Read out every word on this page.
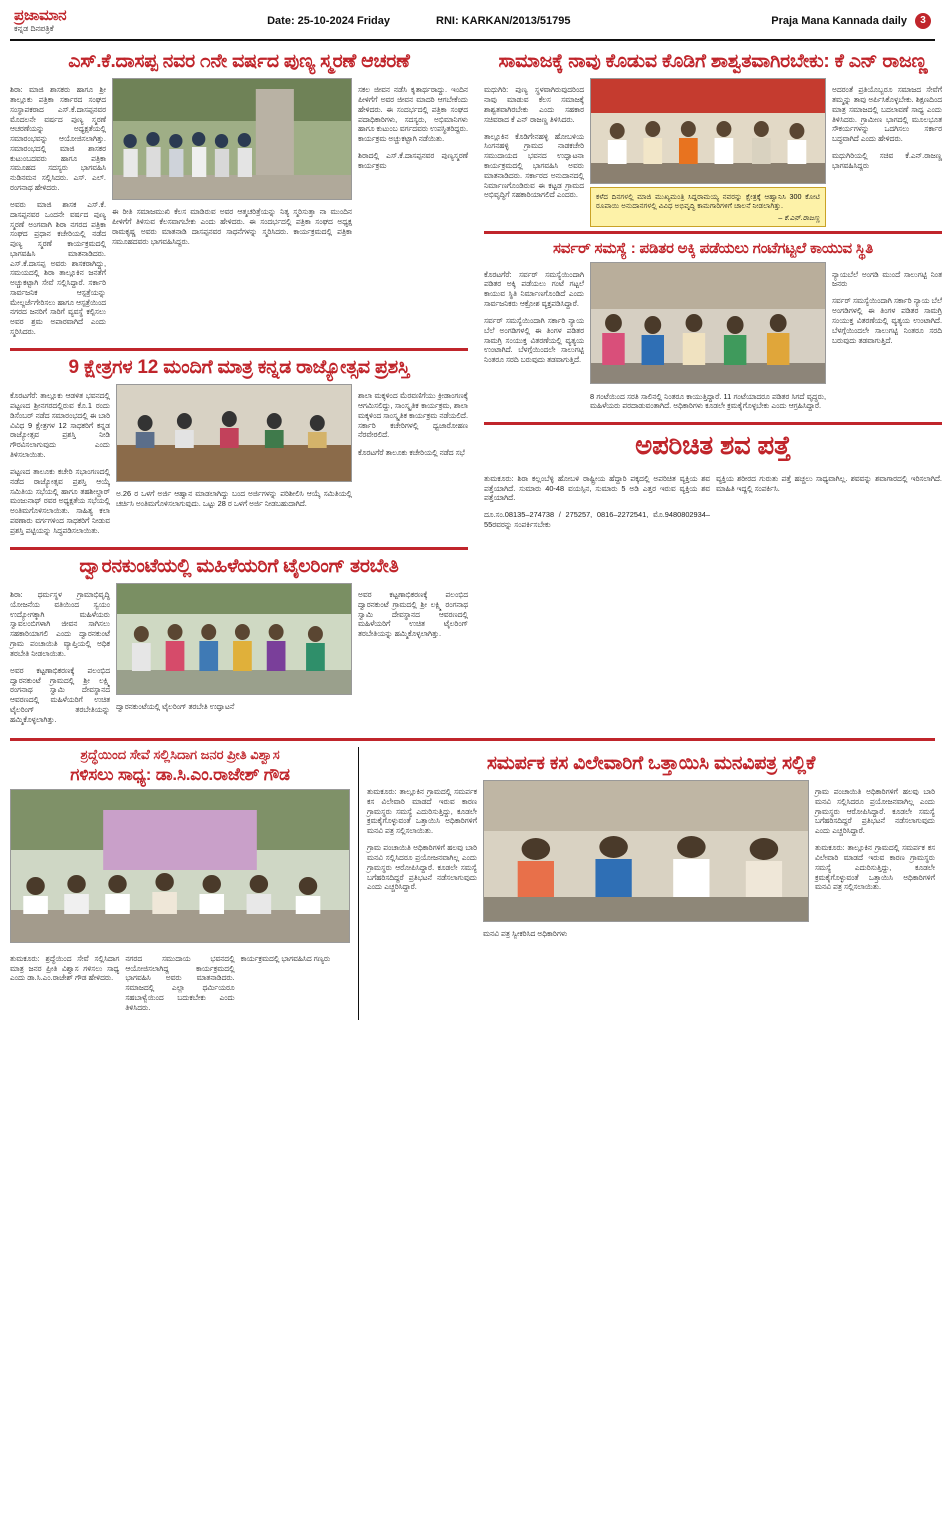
ಪ್ರಜಾಮಾನ
ಕನ್ನಡ ದಿನಪತ್ರಿಕೆ
Date: 25-10-2024 Friday	RNI: KARKAN/2013/51795	Praja Mana Kannada daily	3
ಎಸ್.ಕೆ.ದಾಸಪ್ಪ ನವರ ೧ನೇ ವರ್ಷದ ಪುಣ್ಯ ಸ್ಮರಣೆ ಆಚರಣೆ

ಶಿರಾ: ಮಾಜಿ ಶಾಸಕರು ಹಾಗೂ ಶ್ರೀ ತಾಲ್ಲೂಕು ಪತ್ರಿಕಾ ಸರ್ಕಾರದ ಸಂಘದ ಸಂಸ್ಥಾಪಕರಾದ ಎಸ್.ಕೆ.ದಾಸಪ್ಪನವರ ಮೊದಲನೇ ವರ್ಷದ ಪುಣ್ಯ ಸ್ಮರಣೆ ಆಚರಣೆಯನ್ನು ಅಧ್ಯಕ್ಷತೆಯಲ್ಲಿ ಸಮಾರಂಭವನ್ನು ಆಯೋಜಿಸಲಾಗಿತ್ತು. ಸಮಾರಂಭದಲ್ಲಿ ಮಾಜಿ ಶಾಸಕರ ಕುಟುಂಬದವರು ಹಾಗೂ ಪತ್ರಿಕಾ ಸಮೂಹದ ಸದಸ್ಯರು ಭಾಗವಹಿಸಿ ನುಡಿನಮನ ಸಲ್ಲಿಸಿದರು. ಎಸ್. ಎಲ್. ರಂಗನಾಥ ಹೇಳಿದರು.

ಅವರು ಮಾಜಿ ಶಾಸಕ ಎಸ್.ಕೆ. ದಾಸಪ್ಪನವರ ಒಂದನೇ ವರ್ಷದ ಪುಣ್ಯ ಸ್ಮರಣೆ ಅಂಗವಾಗಿ ಶಿರಾ ನಗರದ ಪತ್ರಿಕಾ ಸಂಘದ ಪ್ರಧಾನ ಕಚೇರಿಯಲ್ಲಿ ನಡೆದ ಪುಣ್ಯ ಸ್ಮರಣೆ ಕಾರ್ಯಕ್ರಮದಲ್ಲಿ ಭಾಗವಹಿಸಿ ಮಾತನಾಡಿದರು. ಎಸ್.ಕೆ.ದಾಸಪ್ಪ ಅವರು ಶಾಸಕರಾಗಿದ್ದು, ಸಮಯದಲ್ಲಿ ಶಿರಾ ತಾಲ್ಲೂಕಿನ ಜನತೆಗೆ ಅಚ್ಚುಕಟ್ಟಾಗಿ ಸೇವೆ ಸಲ್ಲಿಸಿದ್ದಾರೆ. ಸರ್ಕಾರಿ ಸಾರ್ವಜನಿಕ ಆಸ್ಪತ್ರೆಯನ್ನು ಮೇಲ್ದರ್ಜೆಗೇರಿಸಲು ಹಾಗೂ ಆಸ್ಪತ್ರೆಯಿಂದ ನಗರದ ಜನರಿಗೆ ಸಾರಿಗೆ ವ್ಯವಸ್ಥೆ ಕಲ್ಪಿಸಲು ಅವರ ಶ್ರಮ ಅಪಾರವಾಗಿದೆ ಎಂದು ಸ್ಮರಿಸಿದರು.

ಈ ರೀತಿ ಸಮಾಜಮುಖಿ ಕೆಲಸ ಮಾಡಿರುವ ಅವರ ಆತ್ಮಚರಿತ್ರೆಯನ್ನು ನಿತ್ಯ ಸ್ಮರಿಸುತ್ತಾ ನಾ ಮುಂದಿನ ಪೀಳಿಗೆಗೆ ತಿಳಿಸುವ ಕೆಲಸವಾಗಬೇಕು ಎಂದು ಹೇಳಿದರು. ಈ ಸಂದರ್ಭದಲ್ಲಿ ಪತ್ರಿಕಾ ಸಂಘದ ಅಧ್ಯಕ್ಷ ರಾಮಕೃಷ್ಣ ಅವರು ಮಾತನಾಡಿ ದಾಸಪ್ಪನವರ ಸಾಧನೆಗಳನ್ನು ಸ್ಮರಿಸಿದರು. ಕಾರ್ಯಕ್ರಮದಲ್ಲಿ ಪತ್ರಿಕಾ ಸಮೂಹದವರು ಭಾಗವಹಿಸಿದ್ದರು.

ಸಕಲ ಜೀವನ ನಡೆಸಿ ಕೃತಾರ್ಥರಾದ್ದು. ಇಂದಿನ ಪೀಳಿಗೆಗೆ ಅವರ ಜೀವನ ಮಾದರಿ ಆಗಬೇಕೆಂದು ಹೇಳಿದರು. ಈ ಸಂದರ್ಭದಲ್ಲಿ ಪತ್ರಿಕಾ ಸಂಘದ ಪದಾಧಿಕಾರಿಗಳು, ಸದಸ್ಯರು, ಅಭಿಮಾನಿಗಳು ಹಾಗೂ ಕುಟುಂಬ ವರ್ಗದವರು ಉಪಸ್ಥಿತರಿದ್ದರು. ಕಾರ್ಯಕ್ರಮ ಅಚ್ಚುಕಟ್ಟಾಗಿ ನಡೆಯಿತು.

ಶಿರಾದಲ್ಲಿ ಎಸ್.ಕೆ.ದಾಸಪ್ಪನವರ ಪುಣ್ಯಸ್ಮರಣೆ ಕಾರ್ಯಕ್ರಮ

9 ಕ್ಷೇತ್ರಗಳ 12 ಮಂದಿಗೆ ಮಾತ್ರ ಕನ್ನಡ ರಾಜ್ಯೋತ್ಸವ ಪ್ರಶಸ್ತಿ

ಕೊರಟಗೆರೆ: ತಾಲ್ಲೂಕು ಆಡಳಿತ ಭವನದಲ್ಲಿ ಪಟ್ಟಣದ ಶ್ರೀನಗರದಲ್ಲಿರುವ ಕೊ.1 ರಂದು ಡಿಸೆಂಬರ್ ನಡೆದ ಸಮಾರಂಭದಲ್ಲಿ ಈ ಬಾರಿ ವಿವಿಧ 9 ಕ್ಷೇತ್ರಗಳ 12 ಸಾಧಕರಿಗೆ ಕನ್ನಡ ರಾಜ್ಯೋತ್ಸವ ಪ್ರಶಸ್ತಿ ನೀಡಿ ಗೌರವಿಸಲಾಗುವುದು ಎಂದು ತಿಳಿಸಲಾಯಿತು.

ಪಟ್ಟಣದ ತಾಲೂಕು ಕಚೇರಿ ಸಭಾಂಗಣದಲ್ಲಿ ನಡೆದ ರಾಜ್ಯೋತ್ಸವ ಪ್ರಶಸ್ತಿ ಆಯ್ಕೆ ಸಮಿತಿಯ ಸಭೆಯಲ್ಲಿ ಹಾಗೂ ತಹಶೀಲ್ದಾರ್ ಮಂಜುನಾಥ್ ರವರ ಅಧ್ಯಕ್ಷತೆಯ ಸಭೆಯಲ್ಲಿ ಅಂತಿಮಗೊಳಿಸಲಾಯಿತು. ಸಾಹಿತ್ಯ ಕಲಾ ಪಠಣಾರು ವರ್ಗಗಳಿಂದ ಸಾಧಕರಿಗೆ ನೀಡುವ ಪ್ರಶಸ್ತಿ ಪಟ್ಟಿಯನ್ನು ಸಿದ್ಧಪಡಿಸಲಾಯಿತು.

ಅ.26 ರ ಒಳಗೆ ಅರ್ಜಿ ಆಹ್ವಾನ ಮಾಡಲಾಗಿದ್ದು ಬಂದ ಅರ್ಜಿಗಳನ್ನು ಪರಿಶೀಲಿಸಿ ಆಯ್ಕೆ ಸಮಿತಿಯಲ್ಲಿ ಚರ್ಚಿಸಿ ಅಂತಿಮಗೊಳಿಸಲಾಗುವುದು. ಒಟ್ಟು 28 ರ ಒಳಗೆ ಅರ್ಜಿ ನೀಡಬಹುದಾಗಿದೆ.

ಶಾಲಾ ಮಕ್ಕಳಿಂದ ಮೆರವಣಿಗೆಯು ಕ್ರೀಡಾಂಗಣಕ್ಕೆ ಆಗಮಿಸಲಿದ್ದು, ಸಾಂಸ್ಕೃತಿಕ ಕಾರ್ಯಕ್ರಮ, ಶಾಲಾ ಮಕ್ಕಳಿಂದ ಸಾಂಸ್ಕೃತಿಕ ಕಾರ್ಯಕ್ರಮ ನಡೆಯಲಿದೆ. ಸರ್ಕಾರಿ ಕಚೇರಿಗಳಲ್ಲಿ ಧ್ವಜಾರೋಹಣ ನೆರವೇರಲಿದೆ.

ಕೊರಟಗೆರೆ ತಾಲೂಕು ಕಚೇರಿಯಲ್ಲಿ ನಡೆದ ಸಭೆ

ದ್ವಾರನಕುಂಟೆಯಲ್ಲಿ ಮಹಿಳೆಯರಿಗೆ ಟೈಲರಿಂಗ್ ತರಬೇತಿ

ಶಿರಾ: ಧರ್ಮಸ್ಥಳ ಗ್ರಾಮಾಭಿವೃದ್ಧಿ ಯೋಜನೆಯ ವತಿಯಿಂದ ಸ್ವಯಂ ಉದ್ಯೋಗಕ್ಕಾಗಿ ಮಹಿಳೆಯರು ಸ್ವಾವಲಂಬಿಗಳಾಗಿ ಜೀವನ ಸಾಗಿಸಲು ಸಹಕಾರಿಯಾಗಲಿ ಎಂದು ದ್ವಾರನಕುಂಟೆ ಗ್ರಾಮ ಪಂಚಾಯಿತಿ ವ್ಯಾಪ್ತಿಯಲ್ಲಿ ಅಧಿಕ ತರಬೇತಿ ನೀಡಲಾಯಿತು.

ಅವರ ಕಟ್ಟಣಾಭಿಕರಣಕ್ಕೆ ಪಲಂಭಿದ ದ್ವಾರನಕುಂಟೆ ಗ್ರಾಮದಲ್ಲಿ ಶ್ರೀ ಲಕ್ಷ್ಮಿ ರಂಗನಾಥ ಸ್ವಾಮಿ ದೇವಸ್ಥಾನದ ಆವರಣದಲ್ಲಿ ಮಹಿಳೆಯರಿಗೆ ಉಚಿತ ಟೈಲರಿಂಗ್ ತರಬೇತಿಯನ್ನು ಹಮ್ಮಿಕೊಳ್ಳಲಾಗಿತ್ತು.

ದ್ವಾರನಕುಂಟೆಯಲ್ಲಿ ಟೈಲರಿಂಗ್ ತರಬೇತಿ ಉದ್ಘಾಟನೆ

ಅವರ ಕಟ್ಟಣಾಭಿಕರಣಕ್ಕೆ ಪಲಂಭಿದ ದ್ವಾರನಕುಂಟೆ ಗ್ರಾಮದಲ್ಲಿ ಶ್ರೀ ಲಕ್ಷ್ಮಿ ರಂಗನಾಥ ಸ್ವಾಮಿ ದೇವಸ್ಥಾನದ ಆವರಣದಲ್ಲಿ ಮಹಿಳೆಯರಿಗೆ ಉಚಿತ ಟೈಲರಿಂಗ್ ತರಬೇತಿಯನ್ನು ಹಮ್ಮಿಕೊಳ್ಳಲಾಗಿತ್ತು.

ಸಾಮಾಜಕ್ಕೆ ನಾವು ಕೊಡುವ ಕೊಡಿಗೆ ಶಾಶ್ವತವಾಗಿರಬೇಕು: ಕೆ ಎನ್ ರಾಜಣ್ಣ

ಮಧುಗಿರಿ: ಪುಣ್ಯ ಸ್ಥಳವಾಗಿರುವುದರಿಂದ ನಾವು ಮಾಡುವ ಕೆಲಸ ಸಮಾಜಕ್ಕೆ ಶಾಶ್ವತವಾಗಿರಬೇಕು ಎಂದು ಸಹಕಾರ ಸಚಿವರಾದ ಕೆ ಎನ್ ರಾಜಣ್ಣ ತಿಳಿಸಿದರು.

ತಾಲ್ಲೂಕಿನ ಕೊಡಿಗೇನಹಳ್ಳಿ ಹೋಬಳಿಯ ಸಿಂಗನಹಳ್ಳಿ ಗ್ರಾಮದ ನಾಡಕಚೇರಿ ಸಮುದಾಯದ ಭವನದ ಉದ್ಘಾಟನಾ ಕಾರ್ಯಕ್ರಮದಲ್ಲಿ ಭಾಗವಹಿಸಿ ಅವರು ಮಾತನಾಡಿದರು. ಸರ್ಕಾರದ ಅನುದಾನದಲ್ಲಿ ನಿರ್ಮಾಣಗೊಂಡಿರುವ ಈ ಕಟ್ಟಡ ಗ್ರಾಮದ ಅಭಿವೃದ್ಧಿಗೆ ಸಹಕಾರಿಯಾಗಲಿದೆ ಎಂದರು.	ಕಳೆದ ದಿನಗಳಲ್ಲಿ ಮಾಜಿ ಮುಖ್ಯಮಂತ್ರಿ ಸಿದ್ದರಾಮಯ್ಯ ನವರನ್ನು ಕ್ಷೇತ್ರಕ್ಕೆ ಆಹ್ವಾನಿಸಿ 300 ಕೋಟಿ ರೂಪಾಯಿ ಅನುದಾನಗಳಲ್ಲಿ ವಿವಿಧ ಅಭಿವೃದ್ಧಿ ಕಾಮಗಾರಿಗಳಿಗೆ ಚಾಲನೆ ನೀಡಲಾಗಿತ್ತು.
– ಕೆ.ಎನ್.ರಾಜಣ್ಣ

ಅದರಂತೆ ಪ್ರತಿಯೊಬ್ಬರೂ ಸಮಾಜದ ಸೇವೆಗೆ ತಮ್ಮನ್ನು ತಾವು ಅರ್ಪಿಸಿಕೊಳ್ಳಬೇಕು. ಶಿಕ್ಷಣದಿಂದ ಮಾತ್ರ ಸಮಾಜದಲ್ಲಿ ಬದಲಾವಣೆ ಸಾಧ್ಯ ಎಂದು ತಿಳಿಸಿದರು. ಗ್ರಾಮೀಣ ಭಾಗದಲ್ಲಿ ಮೂಲಭೂತ ಸೌಕರ್ಯಗಳನ್ನು ಒದಗಿಸಲು ಸರ್ಕಾರ ಬದ್ಧವಾಗಿದೆ ಎಂದು ಹೇಳಿದರು.

ಮಧುಗಿರಿಯಲ್ಲಿ ಸಚಿವ ಕೆ.ಎನ್.ರಾಜಣ್ಣ ಭಾಗವಹಿಸಿದ್ದರು

ಸರ್ವರ್ ಸಮಸ್ಯೆ : ಪಡಿತರ ಅಕ್ಕಿ ಪಡೆಯಲು ಗಂಟೆಗಟ್ಟಲೆ ಕಾಯುವ ಸ್ಥಿತಿ

ಕೊರಟಗೆರೆ: ಸರ್ವರ್ ಸಮಸ್ಯೆಯಿಂದಾಗಿ ಪಡಿತರ ಅಕ್ಕಿ ಪಡೆಯಲು ಗಂಟೆ ಗಟ್ಟಲೆ ಕಾಯುವ ಸ್ಥಿತಿ ನಿರ್ಮಾಣಗೊಂಡಿದೆ ಎಂದು ಸಾರ್ವಜನಿಕರು ಆಕ್ರೋಶ ವ್ಯಕ್ತಪಡಿಸಿದ್ದಾರೆ.

ಸರ್ವರ್ ಸಮಸ್ಯೆಯಿಂದಾಗಿ ಸರ್ಕಾರಿ ನ್ಯಾಯ ಬೆಲೆ ಅಂಗಡಿಗಳಲ್ಲಿ ಈ ತಿಂಗಳ ಪಡಿತರ ಸಾಮಗ್ರಿ ಸಂಯುಕ್ತ ವಿತರಣೆಯಲ್ಲಿ ವ್ಯತ್ಯಯ ಉಂಟಾಗಿದೆ. ಬೆಳಗ್ಗೆಯಿಂದಲೇ ಸಾಲುಗಟ್ಟಿ ನಿಂತರೂ ಸರದಿ ಬರುವುದು ತಡವಾಗುತ್ತಿದೆ.

8 ಗಂಟೆಯಿಂದ ಸರತಿ ಸಾಲಿನಲ್ಲಿ ನಿಂತರೂ ಕಾಯುತ್ತಿದ್ದಾರೆ. 11 ಗಂಟೆಯಾದರೂ ಪಡಿತರ ಸಿಗದೆ ವೃದ್ಧರು, ಮಹಿಳೆಯರು ಪರದಾಡುವಂತಾಗಿದೆ. ಅಧಿಕಾರಿಗಳು ಕೂಡಲೇ ಕ್ರಮಕೈಗೊಳ್ಳಬೇಕು ಎಂದು ಆಗ್ರಹಿಸಿದ್ದಾರೆ.

ನ್ಯಾಯಬೆಲೆ ಅಂಗಡಿ ಮುಂದೆ ಸಾಲುಗಟ್ಟಿ ನಿಂತ ಜನರು

ಸರ್ವರ್ ಸಮಸ್ಯೆಯಿಂದಾಗಿ ಸರ್ಕಾರಿ ನ್ಯಾಯ ಬೆಲೆ ಅಂಗಡಿಗಳಲ್ಲಿ ಈ ತಿಂಗಳ ಪಡಿತರ ಸಾಮಗ್ರಿ ಸಂಯುಕ್ತ ವಿತರಣೆಯಲ್ಲಿ ವ್ಯತ್ಯಯ ಉಂಟಾಗಿದೆ. ಬೆಳಗ್ಗೆಯಿಂದಲೇ ಸಾಲುಗಟ್ಟಿ ನಿಂತರೂ ಸರದಿ ಬರುವುದು ತಡವಾಗುತ್ತಿದೆ.

ಅಪರಿಚಿತ ಶವ ಪತ್ತೆ

ತುಮಕೂರು: ಶಿರಾ ಕಲ್ಲಂಬೆಳ್ಳಿ ಹೋಬಳಿ ರಾಷ್ಟ್ರೀಯ ಹೆದ್ದಾರಿ ಪಕ್ಕದಲ್ಲಿ ಅಪರಿಚಿತ ವ್ಯಕ್ತಿಯ ಶವ ಪತ್ತೆಯಾಗಿದೆ. ಸುಮಾರು 40-48 ವಯಸ್ಸಿನ, ಸುಮಾರು 5 ಅಡಿ ಎತ್ತರ ಇರುವ ವ್ಯಕ್ತಿಯ ಶವ ಪತ್ತೆಯಾಗಿದೆ.

ದೂ.ಸಂ.08135–274738 / 275257, 0816–2272541, ಮೊ.9480802934–55ರವರನ್ನು ಸಂಪರ್ಕಿಸಬೇಕು

ವ್ಯಕ್ತಿಯ ಶರೀರದ ಗುರುತು ಪತ್ತೆ ಹಚ್ಚಲು ಸಾಧ್ಯವಾಗಿಲ್ಲ. ಶವವನ್ನು ಶವಾಗಾರದಲ್ಲಿ ಇರಿಸಲಾಗಿದೆ. ಮಾಹಿತಿ ಇದ್ದಲ್ಲಿ ಸಂಪರ್ಕಿಸಿ.

ಶ್ರದ್ಧೆಯಿಂದ ಸೇವೆ ಸಲ್ಲಿಸಿದಾಗ ಜನರ ಪ್ರೀತಿ ವಿಶ್ವಾಸ
ಗಳಿಸಲು ಸಾಧ್ಯ: ಡಾ.ಸಿ.ಎಂ.ರಾಜೇಶ್ ಗೌಡ

ತುಮಕೂರು: ಶ್ರದ್ಧೆಯಿಂದ ಸೇವೆ ಸಲ್ಲಿಸಿದಾಗ ಮಾತ್ರ ಜನರ ಪ್ರೀತಿ ವಿಶ್ವಾಸ ಗಳಿಸಲು ಸಾಧ್ಯ ಎಂದು ಡಾ.ಸಿ.ಎಂ.ರಾಜೇಶ್ ಗೌಡ ಹೇಳಿದರು.

ನಗರದ ಸಮುದಾಯ ಭವನದಲ್ಲಿ ಆಯೋಜಿಸಲಾಗಿದ್ದ ಕಾರ್ಯಕ್ರಮದಲ್ಲಿ ಭಾಗವಹಿಸಿ ಅವರು ಮಾತನಾಡಿದರು. ಸಮಾಜದಲ್ಲಿ ಎಲ್ಲಾ ಧರ್ಮಿಯರೂ ಸಹಬಾಳ್ವೆಯಿಂದ ಬದುಕಬೇಕು ಎಂದು ತಿಳಿಸಿದರು.

ಕಾರ್ಯಕ್ರಮದಲ್ಲಿ ಭಾಗವಹಿಸಿದ ಗಣ್ಯರು

ಸಮರ್ಪಕ ಕಸ ವಿಲೇವಾರಿಗೆ ಒತ್ತಾಯಿಸಿ ಮನವಿಪತ್ರ ಸಲ್ಲಿಕೆ

ತುಮಕೂರು: ತಾಲ್ಲೂಕಿನ ಗ್ರಾಮದಲ್ಲಿ ಸಮರ್ಪಕ ಕಸ ವಿಲೇವಾರಿ ಮಾಡದೆ ಇರುವ ಕಾರಣ ಗ್ರಾಮಸ್ಥರು ಸಮಸ್ಯೆ ಎದುರಿಸುತ್ತಿದ್ದು, ಕೂಡಲೇ ಕ್ರಮಕೈಗೊಳ್ಳುವಂತೆ ಒತ್ತಾಯಿಸಿ ಅಧಿಕಾರಿಗಳಿಗೆ ಮನವಿ ಪತ್ರ ಸಲ್ಲಿಸಲಾಯಿತು.

ಗ್ರಾಮ ಪಂಚಾಯಿತಿ ಅಧಿಕಾರಿಗಳಿಗೆ ಹಲವು ಬಾರಿ ಮನವಿ ಸಲ್ಲಿಸಿದರೂ ಪ್ರಯೋಜನವಾಗಿಲ್ಲ ಎಂದು ಗ್ರಾಮಸ್ಥರು ಆರೋಪಿಸಿದ್ದಾರೆ. ಕೂಡಲೇ ಸಮಸ್ಯೆ ಬಗೆಹರಿಸದಿದ್ದರೆ ಪ್ರತಿಭಟನೆ ನಡೆಸಲಾಗುವುದು ಎಂದು ಎಚ್ಚರಿಸಿದ್ದಾರೆ.

ಮನವಿ ಪತ್ರ ಸ್ವೀಕರಿಸಿದ ಅಧಿಕಾರಿಗಳು

ಗ್ರಾಮ ಪಂಚಾಯಿತಿ ಅಧಿಕಾರಿಗಳಿಗೆ ಹಲವು ಬಾರಿ ಮನವಿ ಸಲ್ಲಿಸಿದರೂ ಪ್ರಯೋಜನವಾಗಿಲ್ಲ ಎಂದು ಗ್ರಾಮಸ್ಥರು ಆರೋಪಿಸಿದ್ದಾರೆ. ಕೂಡಲೇ ಸಮಸ್ಯೆ ಬಗೆಹರಿಸದಿದ್ದರೆ ಪ್ರತಿಭಟನೆ ನಡೆಸಲಾಗುವುದು ಎಂದು ಎಚ್ಚರಿಸಿದ್ದಾರೆ.

ತುಮಕೂರು: ತಾಲ್ಲೂಕಿನ ಗ್ರಾಮದಲ್ಲಿ ಸಮರ್ಪಕ ಕಸ ವಿಲೇವಾರಿ ಮಾಡದೆ ಇರುವ ಕಾರಣ ಗ್ರಾಮಸ್ಥರು ಸಮಸ್ಯೆ ಎದುರಿಸುತ್ತಿದ್ದು, ಕೂಡಲೇ ಕ್ರಮಕೈಗೊಳ್ಳುವಂತೆ ಒತ್ತಾಯಿಸಿ ಅಧಿಕಾರಿಗಳಿಗೆ ಮನವಿ ಪತ್ರ ಸಲ್ಲಿಸಲಾಯಿತು.
